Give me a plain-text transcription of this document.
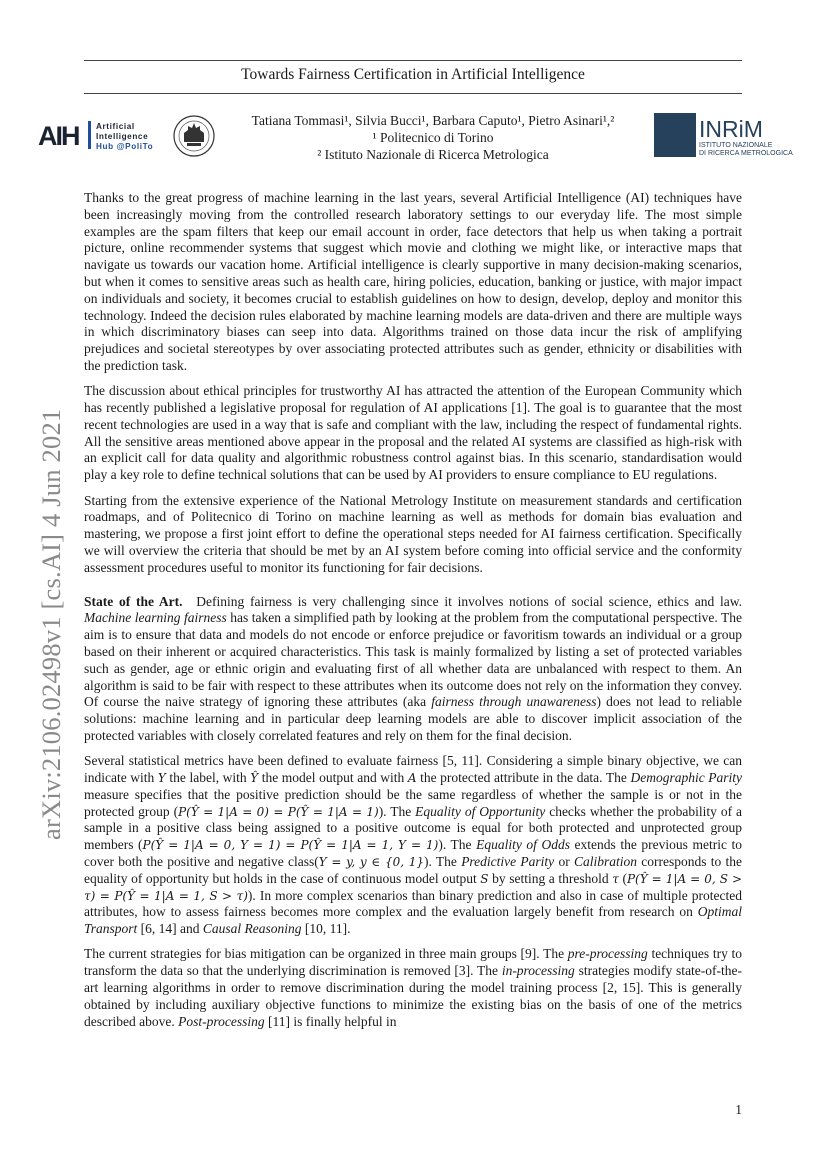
Towards Fairness Certification in Artificial Intelligence
AIH Artificial
Intelligence
Hub @PoliTo
INRiM
ISTITUTO NAZIONALE
DI RICERCA METROLOGICA
Tatiana Tommasi¹, Silvia Bucci¹, Barbara Caputo¹, Pietro Asinari¹,²
¹ Politecnico di Torino
² Istituto Nazionale di Ricerca Metrologica
arXiv:2106.02498v1 [cs.AI] 4 Jun 2021

Thanks to the great progress of machine learning in the last years, several Artificial Intelligence (AI) techniques have been increasingly moving from the controlled research laboratory settings to our everyday life. The most simple examples are the spam filters that keep our email account in order, face detectors that help us when taking a portrait picture, online recommender systems that suggest which movie and clothing we might like, or interactive maps that navigate us towards our vacation home. Artificial intelligence is clearly supportive in many decision-making scenarios, but when it comes to sensitive areas such as health care, hiring policies, education, banking or justice, with major impact on individuals and society, it becomes crucial to establish guidelines on how to design, develop, deploy and monitor this technology. Indeed the decision rules elaborated by machine learning models are data-driven and there are multiple ways in which discriminatory biases can seep into data. Algorithms trained on those data incur the risk of amplifying prejudices and societal stereotypes by over associating protected attributes such as gender, ethnicity or disabilities with the prediction task.

The discussion about ethical principles for trustworthy AI has attracted the attention of the European Community which has recently published a legislative proposal for regulation of AI applications [1]. The goal is to guarantee that the most recent technologies are used in a way that is safe and compliant with the law, including the respect of fundamental rights. All the sensitive areas mentioned above appear in the proposal and the related AI systems are classified as high-risk with an explicit call for data quality and algorithmic robustness control against bias. In this scenario, standardisation would play a key role to define technical solutions that can be used by AI providers to ensure compliance to EU regulations.

Starting from the extensive experience of the National Metrology Institute on measurement standards and certification roadmaps, and of Politecnico di Torino on machine learning as well as methods for domain bias evaluation and mastering, we propose a first joint effort to define the operational steps needed for AI fairness certification. Specifically we will overview the criteria that should be met by an AI system before coming into official service and the conformity assessment procedures useful to monitor its functioning for fair decisions.

State of the Art. Defining fairness is very challenging since it involves notions of social science, ethics and law. Machine learning fairness has taken a simplified path by looking at the problem from the computational perspective. The aim is to ensure that data and models do not encode or enforce prejudice or favoritism towards an individual or a group based on their inherent or acquired characteristics. This task is mainly formalized by listing a set of protected variables such as gender, age or ethnic origin and evaluating first of all whether data are unbalanced with respect to them. An algorithm is said to be fair with respect to these attributes when its outcome does not rely on the information they convey. Of course the naive strategy of ignoring these attributes (aka fairness through unawareness) does not lead to reliable solutions: machine learning and in particular deep learning models are able to discover implicit association of the protected variables with closely correlated features and rely on them for the final decision.

Several statistical metrics have been defined to evaluate fairness [5, 11]. Considering a simple binary objective, we can indicate with Y the label, with Ŷ the model output and with A the protected attribute in the data. The Demographic Parity measure specifies that the positive prediction should be the same regardless of whether the sample is or not in the protected group (P(Ŷ = 1|A = 0) = P(Ŷ = 1|A = 1)). The Equality of Opportunity checks whether the probability of a sample in a positive class being assigned to a positive outcome is equal for both protected and unprotected group members (P(Ŷ = 1|A = 0, Y = 1) = P(Ŷ = 1|A = 1, Y = 1)). The Equality of Odds extends the previous metric to cover both the positive and negative class(Y = y, y ∈ {0, 1}). The Predictive Parity or Calibration corresponds to the equality of opportunity but holds in the case of continuous model output S by setting a threshold τ (P(Ŷ = 1|A = 0, S > τ) = P(Ŷ = 1|A = 1, S > τ)). In more complex scenarios than binary prediction and also in case of multiple protected attributes, how to assess fairness becomes more complex and the evaluation largely benefit from research on Optimal Transport [6, 14] and Causal Reasoning [10, 11].

The current strategies for bias mitigation can be organized in three main groups [9]. The pre-processing techniques try to transform the data so that the underlying discrimination is removed [3]. The in-processing strategies modify state-of-the-art learning algorithms in order to remove discrimination during the model training process [2, 15]. This is generally obtained by including auxiliary objective functions to minimize the existing bias on the basis of one of the metrics described above. Post-processing [11] is finally helpful in

1
